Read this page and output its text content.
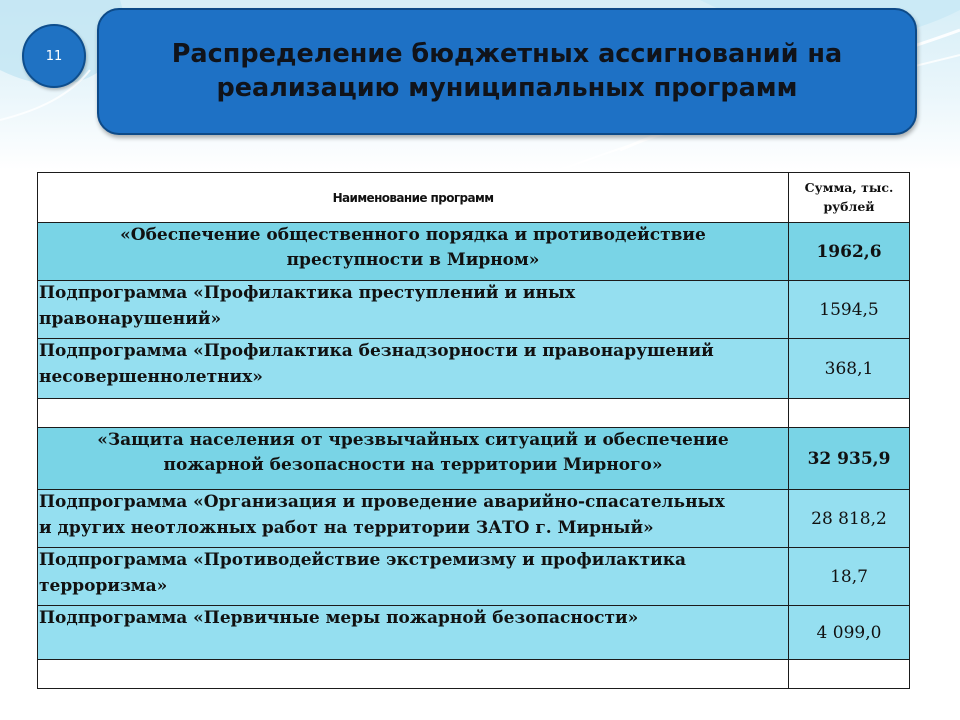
11	Распределение бюджетных ассигнований на
реализацию муниципальных программ
Наименование программ	Сумма, тыс.
рублей
«Обеспечение общественного порядка и противодействие
преступности в Мирном»	1962,6
Подпрограмма «Профилактика преступлений и иных
правонарушений»	1594,5
Подпрограмма «Профилактика безнадзорности и правонарушений
несовершеннолетних»	368,1

«Защита населения от чрезвычайных ситуаций и обеспечение
пожарной безопасности на территории Мирного»	32 935,9
Подпрограмма «Организация и проведение аварийно-спасательных
и других неотложных работ на территории ЗАТО г. Мирный»	28 818,2
Подпрограмма «Противодействие экстремизму и профилактика
терроризма»	18,7
Подпрограмма «Первичные меры пожарной безопасности»	4 099,0
